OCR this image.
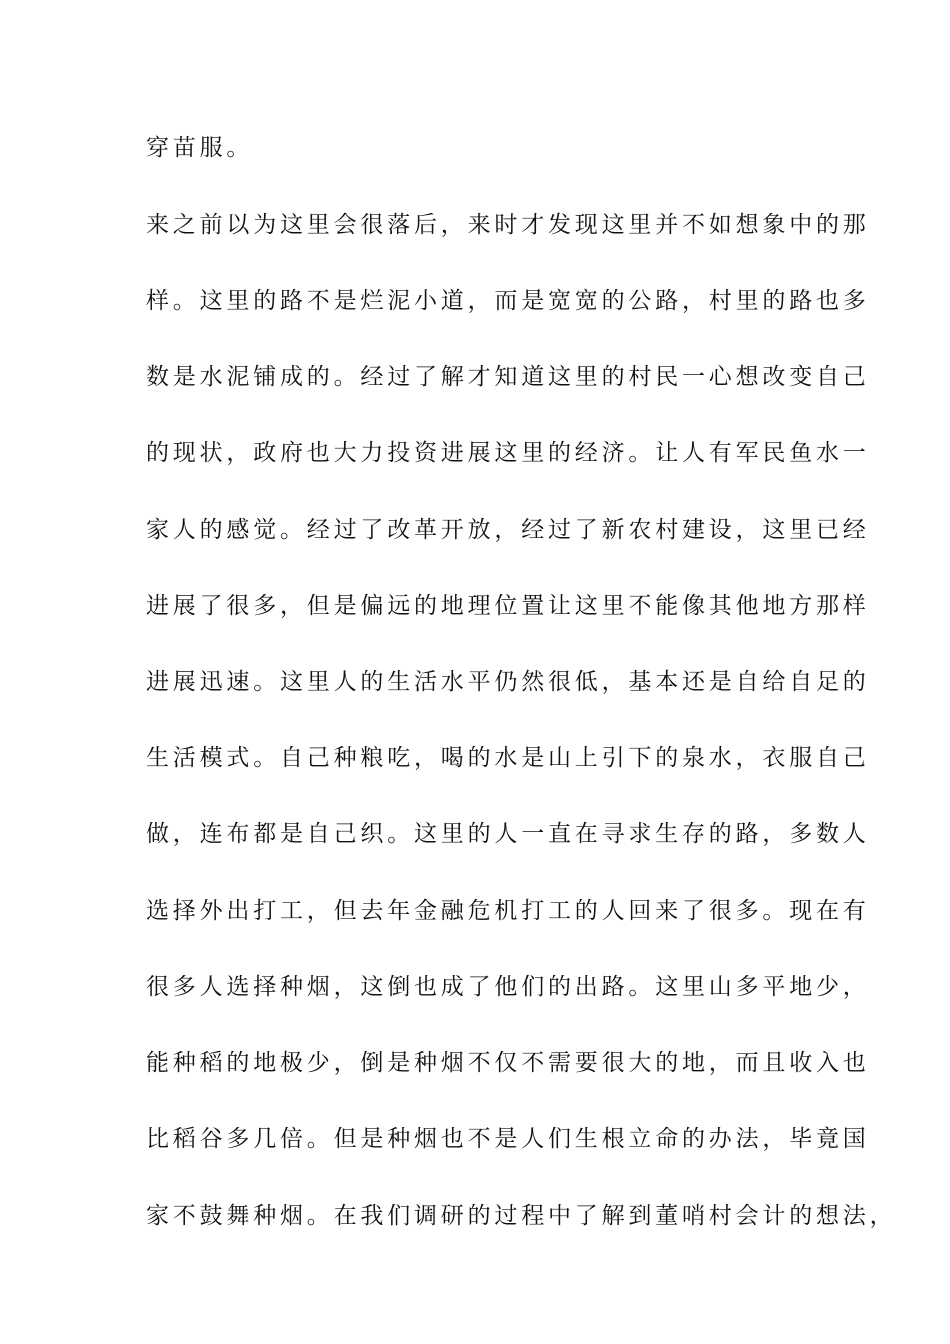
穿苗服。

来之前以为这里会很落后，来时才发现这里并不如想象中的那

样。这里的路不是烂泥小道，而是宽宽的公路，村里的路也多

数是水泥铺成的。经过了解才知道这里的村民一心想改变自己

的现状，政府也大力投资进展这里的经济。让人有军民鱼水一

家人的感觉。经过了改革开放，经过了新农村建设，这里已经

进展了很多，但是偏远的地理位置让这里不能像其他地方那样

进展迅速。这里人的生活水平仍然很低，基本还是自给自足的

生活模式。自己种粮吃，喝的水是山上引下的泉水，衣服自己

做，连布都是自己织。这里的人一直在寻求生存的路，多数人

选择外出打工，但去年金融危机打工的人回来了很多。现在有

很多人选择种烟，这倒也成了他们的出路。这里山多平地少，

能种稻的地极少，倒是种烟不仅不需要很大的地，而且收入也

比稻谷多几倍。但是种烟也不是人们生根立命的办法，毕竟国

家不鼓舞种烟。在我们调研的过程中了解到董哨村会计的想法，
